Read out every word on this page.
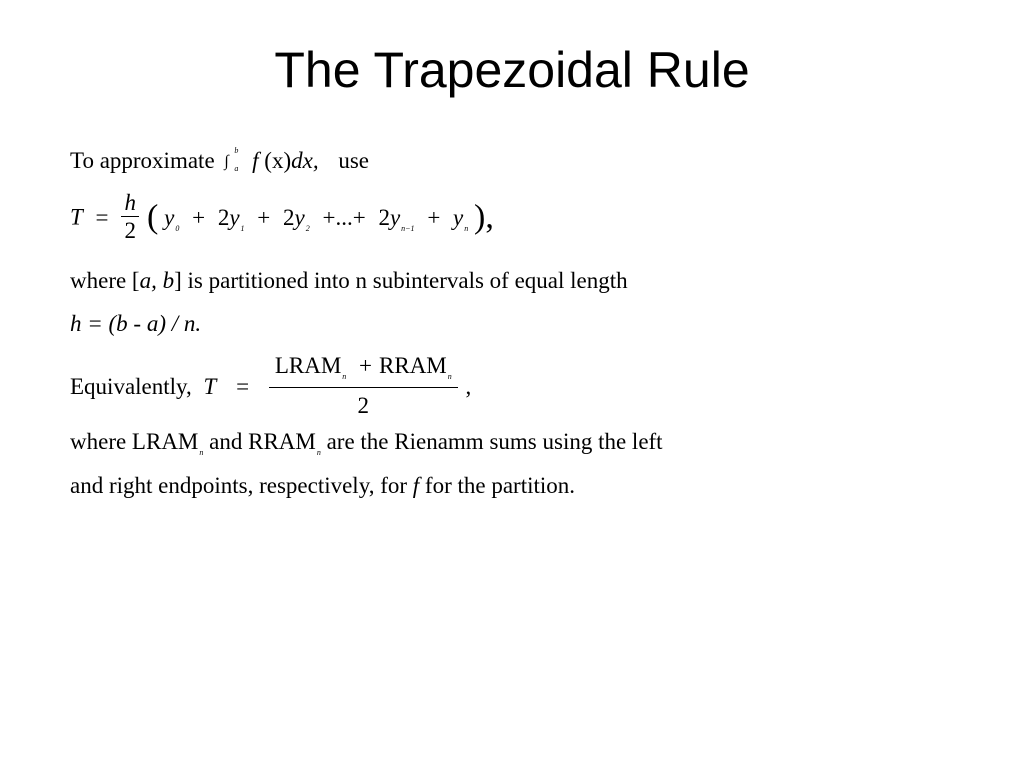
The Trapezoidal Rule
To approximate ∫
b
a f (x)dx, use
$T = \frac{h}{2}$ ( $y_0 + 2y_1 + 2y_2$ +...+ $2y_{n-1} + y_n$ ),
where [a, b] is partitioned into n subintervals of equal length
h = (b - a) / n.
Equivalently, $T = \frac{LRAM_n + RRAM_n}{2}$ ,
where $LRAM_n$ and $RRAM_n$ are the Rienamm sums using the left
and right endpoints, respectively, for f for the partition.
